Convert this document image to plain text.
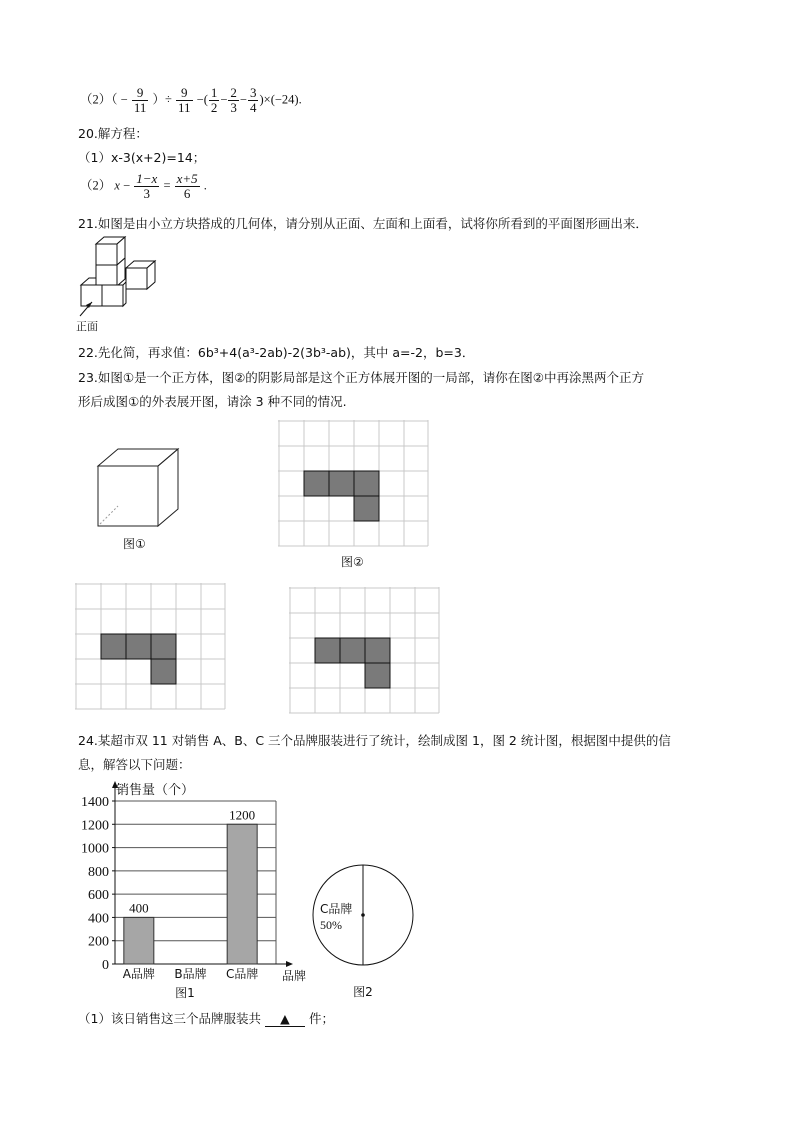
$(2)( - \frac{9}{11}$ ）÷ $\frac{9}{11}$ −( $\frac{1}{2} - \frac{2}{3} - \frac{3}{4} )\times(-24)$.
20.解方程：
（1）x-3(x+2)=14；
（2） $x - \frac{1-x}{3} = \frac{x+5}{6}$ .
21.如图是由小立方块搭成的几何体，请分别从正面、左面和上面看，试将你所看到的平面图形画出来．
正面
22.先化简，再求值：6b³+4(a³-2ab)-2(3b³-ab)，其中 a=-2，b=3．
23.如图①是一个正方体，图②的阴影局部是这个正方体展开图的一局部，请你在图②中再涂黑两个正方
形后成图①的外表展开图，请涂 3 种不同的情况.
图①
图②
24.某超市双 11 对销售 A、B、C 三个品牌服装进行了统计，绘制成图 1，图 2 统计图，根据图中提供的信
息，解答以下问题：
0
200
400
600
800
1000
1200
1400
销售量（个）
品牌
400
A品牌 B品牌
1200
C品牌
图1
C品牌
50%
图2
（1）该日销售这三个品牌服装共 ▲ 件；
